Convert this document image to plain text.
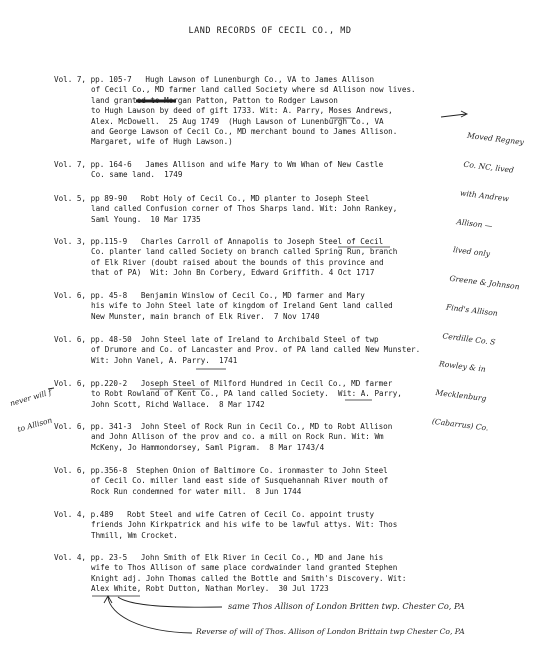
LAND RECORDS OF CECIL CO., MD
Vol. 7, pp. 105-7   Hugh Lawson of Lunenburgh Co., VA to James Allison
of Cecil Co., MD farmer land called Society where sd Allison now lives.
land granted to Morgan Patton, Patton to Rodger Lawson
to Hugh Lawson by deed of gift 1733. Wit: A. Parry, Moses Andrews,
Alex. McDowell.  25 Aug 1749  (Hugh Lawson of Lunenburgh Co., VA
and George Lawson of Cecil Co., MD merchant bound to James Allison.
Margaret, wife of Hugh Lawson.)
Vol. 7, pp. 164-6   James Allison and wife Mary to Wm Whan of New Castle
Co. same land.  1749
Vol. 5, pp 89-90   Robt Holy of Cecil Co., MD planter to Joseph Steel
land called Confusion corner of Thos Sharps land. Wit: John Rankey,
Saml Young.  10 Mar 1735
Vol. 3, pp.115-9   Charles Carroll of Annapolis to Joseph Steel of Cecil
Co. planter land called Society on branch called Spring Run, branch
of Elk River (doubt raised about the bounds of this province and
that of PA)  Wit: John Bn Corbery, Edward Griffith. 4 Oct 1717
Vol. 6, pp. 45-8   Benjamin Winslow of Cecil Co., MD farmer and Mary
his wife to John Steel late of kingdom of Ireland Gent land called
New Munster, main branch of Elk River.  7 Nov 1740
Vol. 6, pp. 48-50  John Steel late of Ireland to Archibald Steel of twp
of Drumore and Co. of Lancaster and Prov. of PA land called New Munster.
Wit: John Vanel, A. Parry.  1741
Vol. 6, pp.220-2   Joseph Steel of Milford Hundred in Cecil Co., MD farmer
to Robt Rowland of Kent Co., PA land called Society.  Wit: A. Parry,
John Scott, Richd Wallace.  8 Mar 1742
Vol. 6, pp. 341-3  John Steel of Rock Run in Cecil Co., MD to Robt Allison
and John Allison of the prov and co. a mill on Rock Run. Wit: Wm
McKeny, Jo Hammondorsey, Saml Pigram.  8 Mar 1743/4
Vol. 6, pp.356-8  Stephen Onion of Baltimore Co. ironmaster to John Steel
of Cecil Co. miller land east side of Susquehannah River mouth of
Rock Run condemned for water mill.  8 Jun 1744
Vol. 4, p.489   Robt Steel and wife Catren of Cecil Co. appoint trusty
friends John Kirkpatrick and his wife to be lawful attys. Wit: Thos
Thmill, Wm Crocket.
Vol. 4, pp. 23-5   John Smith of Elk River in Cecil Co., MD and Jane his
wife to Thos Allison of same place cordwainder land granted Stephen
Knight adj. John Thomas called the Bottle and Smith's Discovery. Wit:
Alex White, Robt Dutton, Nathan Morley.  30 Jul 1723

Moved Regney

Co. NC, lived

with Andrew

Allison —

lived only

Greene & Johnson

Find's Allison

Cerdille Co. S

Rowley & in

Mecklenburg

(Cabarrus) Co.

never will f

to Allison

same Thos Allison of London Britten twp. Chester Co, PA
Reverse of will of Thos. Allison of London Brittain twp Chester Co, PA
